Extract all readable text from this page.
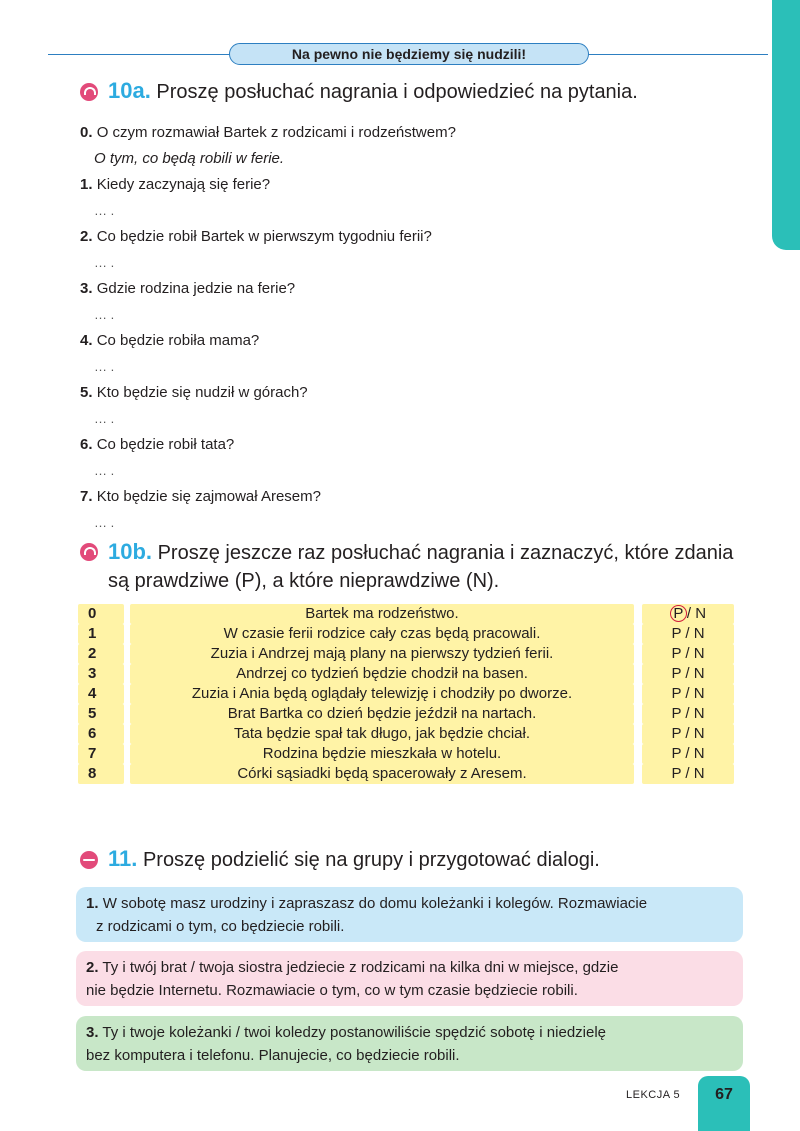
Na pewno nie będziemy się nudzili!
10a. Proszę posłuchać nagrania i odpowiedzieć na pytania.
0. O czym rozmawiał Bartek z rodzicami i rodzeństwem?
O tym, co będą robili w ferie.
1. Kiedy zaczynają się ferie?
… .
2. Co będzie robił Bartek w pierwszym tygodniu ferii?
… .
3. Gdzie rodzina jedzie na ferie?
… .
4. Co będzie robiła mama?
… .
5. Kto będzie się nudził w górach?
… .
6. Co będzie robił tata?
… .
7. Kto będzie się zajmował Aresem?
… .
10b. Proszę jeszcze raz posłuchać nagrania i zaznaczyć, które zdania
są prawdziwe (P), a które nieprawdziwe (N).
0	Bartek ma rodzeństwo.	P / N
1	W czasie ferii rodzice cały czas będą pracowali.	P / N
2	Zuzia i Andrzej mają plany na pierwszy tydzień ferii.	P / N
3	Andrzej co tydzień będzie chodził na basen.	P / N
4	Zuzia i Ania będą oglądały telewizję i chodziły po dworze.	P / N
5	Brat Bartka co dzień będzie jeździł na nartach.	P / N
6	Tata będzie spał tak długo, jak będzie chciał.	P / N
7	Rodzina będzie mieszkała w hotelu.	P / N
8	Córki sąsiadki będą spacerowały z Aresem.	P / N
11. Proszę podzielić się na grupy i przygotować dialogi.
1. W sobotę masz urodziny i zapraszasz do domu koleżanki i kolegów. Rozmawiacie
z rodzicami o tym, co będziecie robili.
2. Ty i twój brat / twoja siostra jedziecie z rodzicami na kilka dni w miejsce, gdzie
nie będzie Internetu. Rozmawiacie o tym, co w tym czasie będziecie robili.
3. Ty i twoje koleżanki / twoi koledzy postanowiliście spędzić sobotę i niedzielę
bez komputera i telefonu. Planujecie, co będziecie robili.
LEKCJA 5	67
